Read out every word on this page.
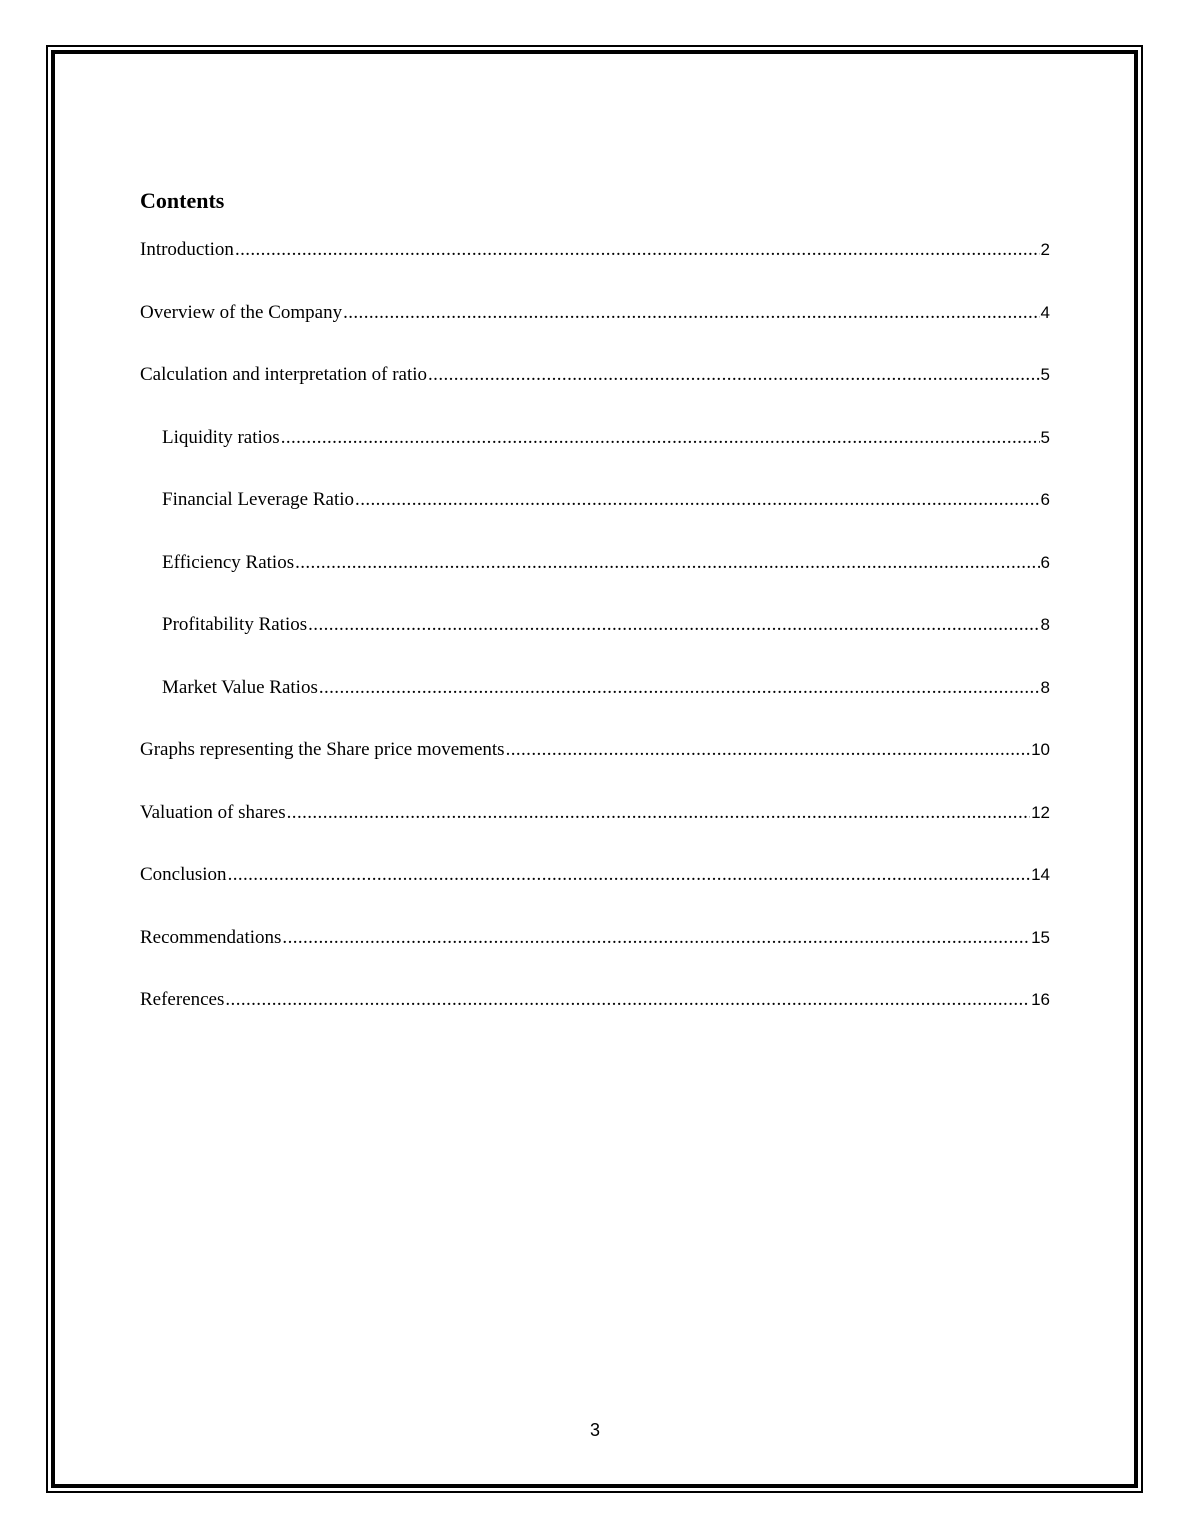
Contents
Introduction .....	2
Overview of the Company .....	4
Calculation and interpretation of ratio .....	5
Liquidity ratios .....	5
Financial Leverage Ratio .....	6
Efficiency Ratios .....	6
Profitability Ratios .....	8
Market Value Ratios .....	8
Graphs representing the Share price movements .....	10
Valuation of shares .....	12
Conclusion .....	14
Recommendations .....	15
References .....	16
3
